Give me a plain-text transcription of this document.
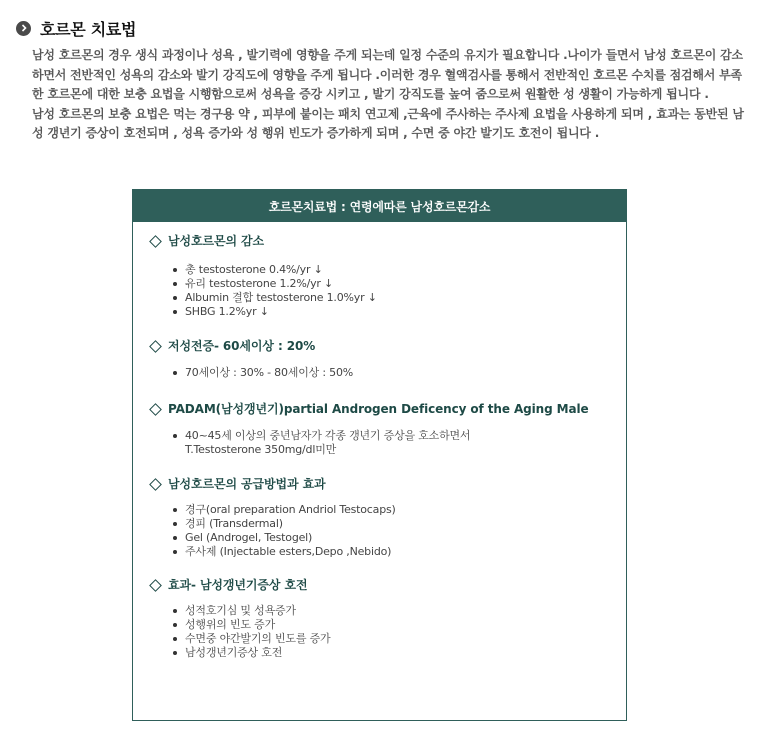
호르몬 치료법

남성 호르몬의 경우 생식 과정이나 성욕 , 발기력에 영향을 주게 되는데 일정 수준의 유지가 필요합니다 .나이가 들면서 남성 호르몬이 감소하면서 전반적인 성욕의 감소와 발기 강직도에 영향을 주게 됩니다 .이러한 경우 혈액검사를 통해서 전반적인 호르몬 수치를 점검해서 부족한 호르몬에 대한 보충 요법을 시행함으로써 성욕을 증강 시키고 , 발기 강직도를 높여 줌으로써 원활한 성 생활이 가능하게 됩니다 .

남성 호르몬의 보충 요법은 먹는 경구용 약 , 피부에 붙이는 패치 연고제 ,근육에 주사하는 주사제 요법을 사용하게 되며 , 효과는 동반된 남성 갱년기 증상이 호전되며 , 성욕 증가와 성 행위 빈도가 증가하게 되며 , 수면 중 야간 발기도 호전이 됩니다 .

호르몬치료법 : 연령에따른 남성호르몬감소
남성호르몬의 감소
총 testosterone 0.4%/yr ↓
유리 testosterone 1.2%/yr ↓
Albumin 결합 testosterone 1.0%yr ↓
SHBG 1.2%yr ↓
저성전증- 60세이상 : 20%
70세이상 : 30% - 80세이상 : 50%
PADAM(남성갱년기)partial Androgen Deficency of the Aging Male
40~45세 이상의 중년남자가 각종 갱년기 증상을 호소하면서
T.Testosterone 350mg/dl미만
남성호르몬의 공급방법과 효과
경구(oral preparation Andriol Testocaps)
경피 (Transdermal)
Gel (Androgel, Testogel)
주사제 (Injectable esters,Depo ,Nebido)
효과- 남성갱년기증상 호전
성적호기심 및 성욕증가
성행위의 빈도 증가
수면중 야간발기의 빈도를 증가
남성갱년기증상 호전
